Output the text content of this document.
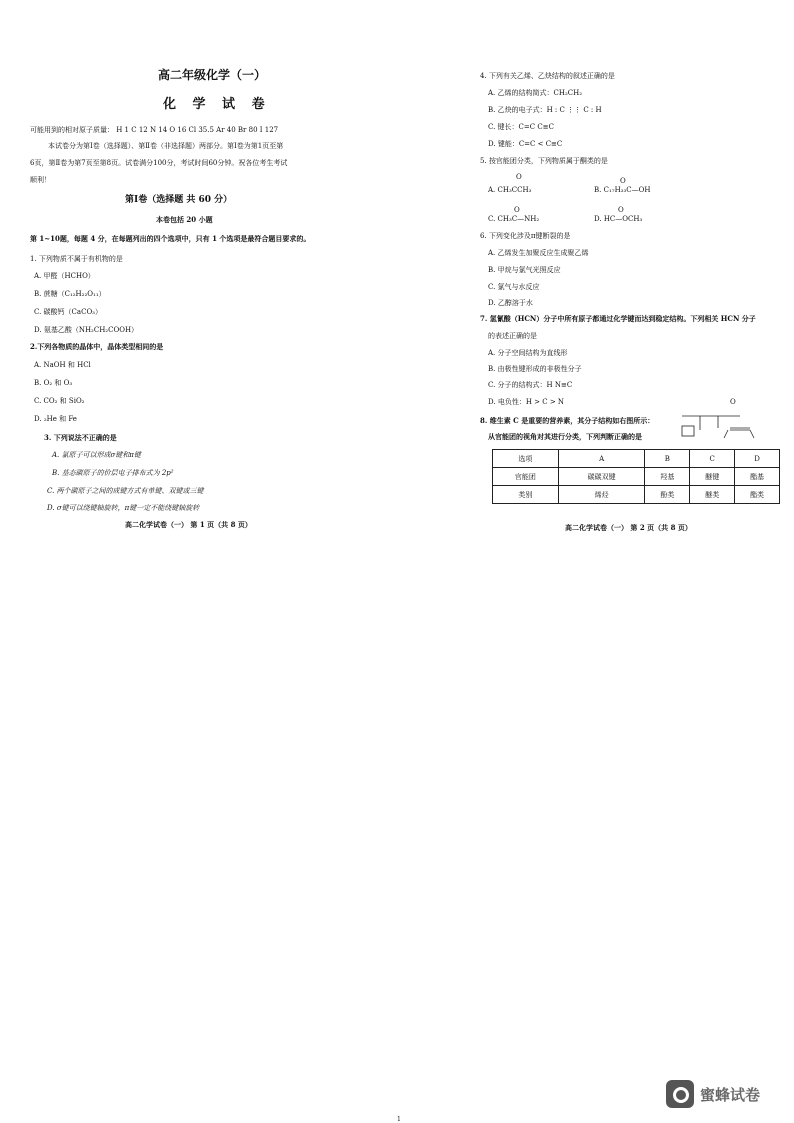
高二年级化学（一）
化 学 试 卷
可能用到的相对原子质量： H 1 C 12 N 14 O 16 Cl 35.5 Ar 40 Br 80 I 127
本试卷分为第Ⅰ卷（选择题）、第Ⅱ卷（非选择题）两部分。第Ⅰ卷为第1页至第
6页，第Ⅱ卷为第7页至第8页。试卷满分100分，考试时间60分钟。祝各位考生考试
顺利！
第Ⅰ卷（选择题 共 60 分）
本卷包括 20 小题
第 1~10题，每题 4 分，在每题列出的四个选项中，只有 1 个选项是最符合题目要求的。
1. 下列物质不属于有机物的是
A. 甲醛（HCHO）
B. 蔗糖（C₁₂H₂₂O₁₁）
C. 碳酸钙（CaCO₃）
D. 氨基乙酸（NH₂CH₂COOH）
2.下列各物质的晶体中，晶体类型相同的是
A. NaOH 和 HCl
B. O₂ 和 O₃
C. CO₂ 和 SiO₂
D. ₂He 和 Fe
3. 下列说法不正确的是
A. 氯原子可以形成σ键和π键
B. 基态碳原子的价层电子排布式为 2p²
C. 两个碳原子之间的成键方式有单键、双键或三键
D. σ键可以绕键轴旋转，π键一定不能绕键轴旋转
高二化学试卷（一） 第 1 页（共 8 页）
4. 下列有关乙烯、乙炔结构的叙述正确的是
A. 乙烯的结构简式：CH₂CH₂
B. 乙炔的电子式：H : C ⋮⋮ C : H
C. 键长：C=C C≡C
D. 键能：C=C < C≡C
5. 按官能团分类，下列物质属于酮类的是
O
A. CH₃CCH₃
O
B. C₁₇H₃₃C—OH
O
C. CH₃C—NH₂
O
D. HC—OCH₃
6. 下列变化涉及π键断裂的是
A. 乙烯发生加聚反应生成聚乙烯
B. 甲烷与氯气光照反应
C. 氯气与水反应
D. 乙醇溶于水
7. 氢氰酸（HCN）分子中所有原子都通过化学键而达到稳定结构。下列相关 HCN 分子
的表述正确的是
A. 分子空间结构为直线形
B. 由极性键形成的非极性分子
C. 分子的结构式：H N≡C
D. 电负性：H > C > N	O
8. 维生素 C 是重要的营养素，其分子结构如右图所示：
从官能团的视角对其进行分类，下列判断正确的是
高二化学试卷（一） 第 2 页（共 8 页）
选项	A	B	C	D
官能团	碳碳双键	羟基	醚键	酯基
类别	烯烃	酚类	醚类	酯类
蜜蜂试卷
1
